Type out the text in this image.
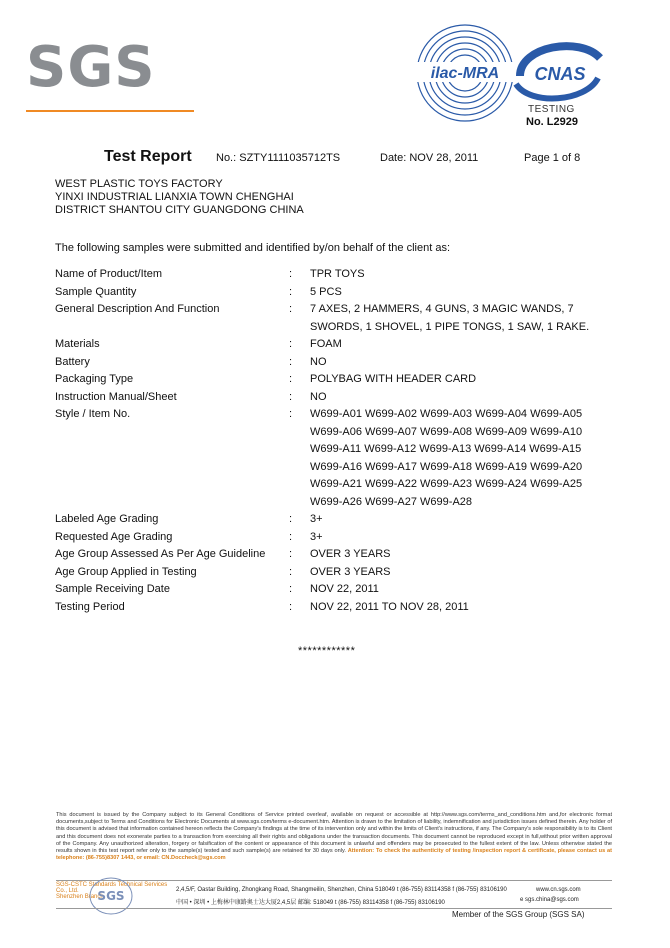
SGS	ilac-MRA CNAS
TESTING
No. L2929
Test Report No.: SZTY1111035712TS	Date: NOV 28, 2011	Page 1 of 8
WEST PLASTIC TOYS FACTORY
YINXI INDUSTRIAL LIANXIA TOWN CHENGHAI
DISTRICT SHANTOU CITY GUANGDONG CHINA
The following samples were submitted and identified by/on behalf of the client as:
Name of Product/Item	: TPR TOYS
Sample Quantity	: 5 PCS
General Description And Function	: 7 AXES, 2 HAMMERS, 4 GUNS, 3 MAGIC WANDS, 7 SWORDS, 1 SHOVEL, 1 PIPE TONGS, 1 SAW, 1 RAKE.
Materials	: FOAM
Battery	: NO
Packaging Type	: POLYBAG WITH HEADER CARD
Instruction Manual/Sheet	: NO
Style / Item No.	: W699-A01 W699-A02 W699-A03 W699-A04 W699-A05 W699-A06 W699-A07 W699-A08 W699-A09 W699-A10 W699-A11 W699-A12 W699-A13 W699-A14 W699-A15 W699-A16 W699-A17 W699-A18 W699-A19 W699-A20 W699-A21 W699-A22 W699-A23 W699-A24 W699-A25 W699-A26 W699-A27 W699-A28
Labeled Age Grading	: 3+
Requested Age Grading	: 3+
Age Group Assessed As Per Age Guideline : OVER 3 YEARS
Age Group Applied in Testing	: OVER 3 YEARS
Sample Receiving Date	: NOV 22, 2011
Testing Period	: NOV 22, 2011 TO NOV 28, 2011
************
This document is issued by the Company subject to its General Conditions of Service printed overleaf, available on request or accessible at http://www.sgs.com/terms_and_conditions.htm and,for electronic format documents,subject to Terms and Conditions for Electronic Documents at www.sgs.com/terms e-document.htm. Attention is drawn to the limitation of liability, indemnification and jurisdiction issues defined therein. Any holder of this document is advised that information contained hereon reflects the Company's findings at the time of its intervention only and within the limits of Client's instructions, if any. The Company's sole responsibility is to its Client and this document does not exonerate parties to a transaction from exercising all their rights and obligations under the transaction documents. This document cannot be reproduced except in full,without prior written approval of the Company. Any unauthorized alteration, forgery or falsification of the content or appearance of this document is unlawful and offenders may be prosecuted to the fullest extent of the law. Unless otherwise stated the results shown in this test report refer only to the sample(s) tested and such sample(s) are retained for 30 days only. Attention: To check the authenticity of testing /inspection report & certificate, please contact us at telephone: (86-755)8307 1443, or email: CN.Doccheck@sgs.com
SGS-CSTC Standards Technical Services Co., Ltd.
Shenzhen Branch
SGS	2,4,5/F, Oastar Building, Zhongkang Road, Shangmeilin, Shenzhen, China 518049 t (86-755) 83114358 f (86-755) 83106190
中国 • 深圳 • 上梅林中康路奥士达大厦2,4,5层 邮编: 518049 t (86-755) 83114358 f (86-755) 83106190
www.cn.sgs.com
e sgs.china@sgs.com
Member of the SGS Group (SGS SA)
